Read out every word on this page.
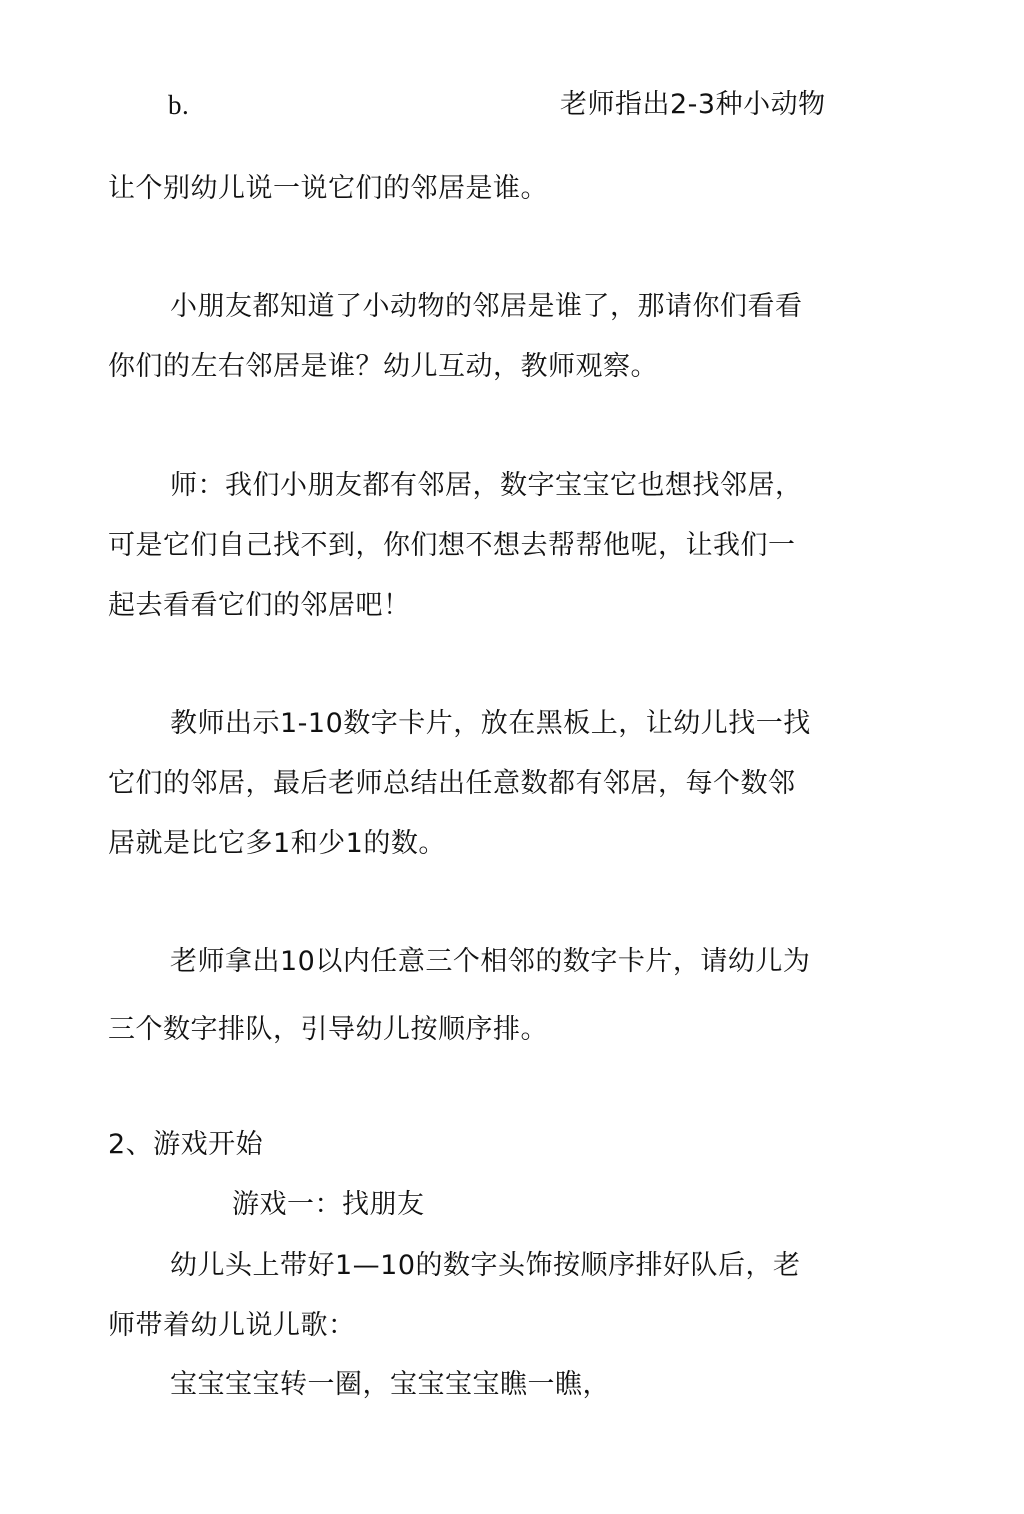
b.	老师指出2-3种小动物
让个别幼儿说一说它们的邻居是谁。
小朋友都知道了小动物的邻居是谁了，那请你们看看
你们的左右邻居是谁？幼儿互动，教师观察。
师：我们小朋友都有邻居，数字宝宝它也想找邻居，
可是它们自己找不到，你们想不想去帮帮他呢，让我们一
起去看看它们的邻居吧！
教师出示1-10数字卡片，放在黑板上，让幼儿找一找
它们的邻居，最后老师总结出任意数都有邻居，每个数邻
居就是比它多1和少1的数。
老师拿出10以内任意三个相邻的数字卡片，请幼儿为
三个数字排队，引导幼儿按顺序排。
2、游戏开始
游戏一：找朋友
幼儿头上带好1—10的数字头饰按顺序排好队后，老
师带着幼儿说儿歌：
宝宝宝宝转一圈，宝宝宝宝瞧一瞧，
